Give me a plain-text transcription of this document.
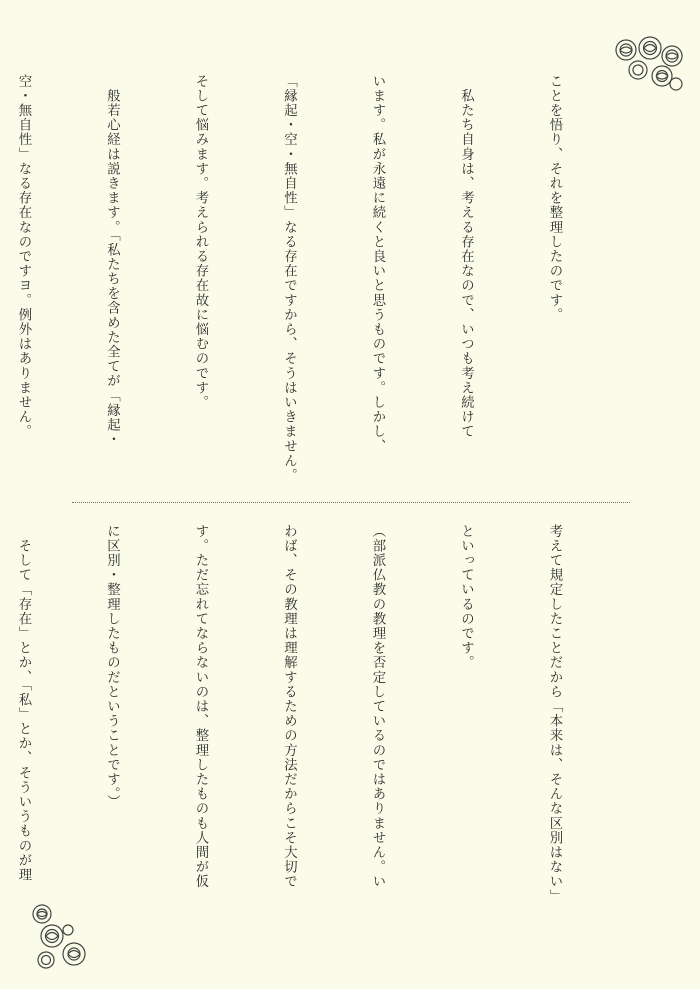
ことを悟り、それを整理したのです。

　私たち自身は、考える存在なので、いつも考え続けて

います。私が永遠に続くと良いと思うものです。しかし、

「縁起・空・無自性」なる存在ですから、そうはいきません。

そして悩みます。考えられる存在故に悩むのです。

　般若心経は説きます。「私たちを含めた全てが「縁起・

空・無自性」なる存在なのですヨ。例外はありません。

考えて規定したことだから「本来は、そんな区別はない」

といっているのです。

（部派仏教の教理を否定しているのではありません。い

わば、その教理は理解するための方法だからこそ大切で

す。ただ忘れてならないのは、整理したものも人間が仮

に区別・整理したものだということです。）

　そして「存在」とか、「私」とか、そういうものが理
